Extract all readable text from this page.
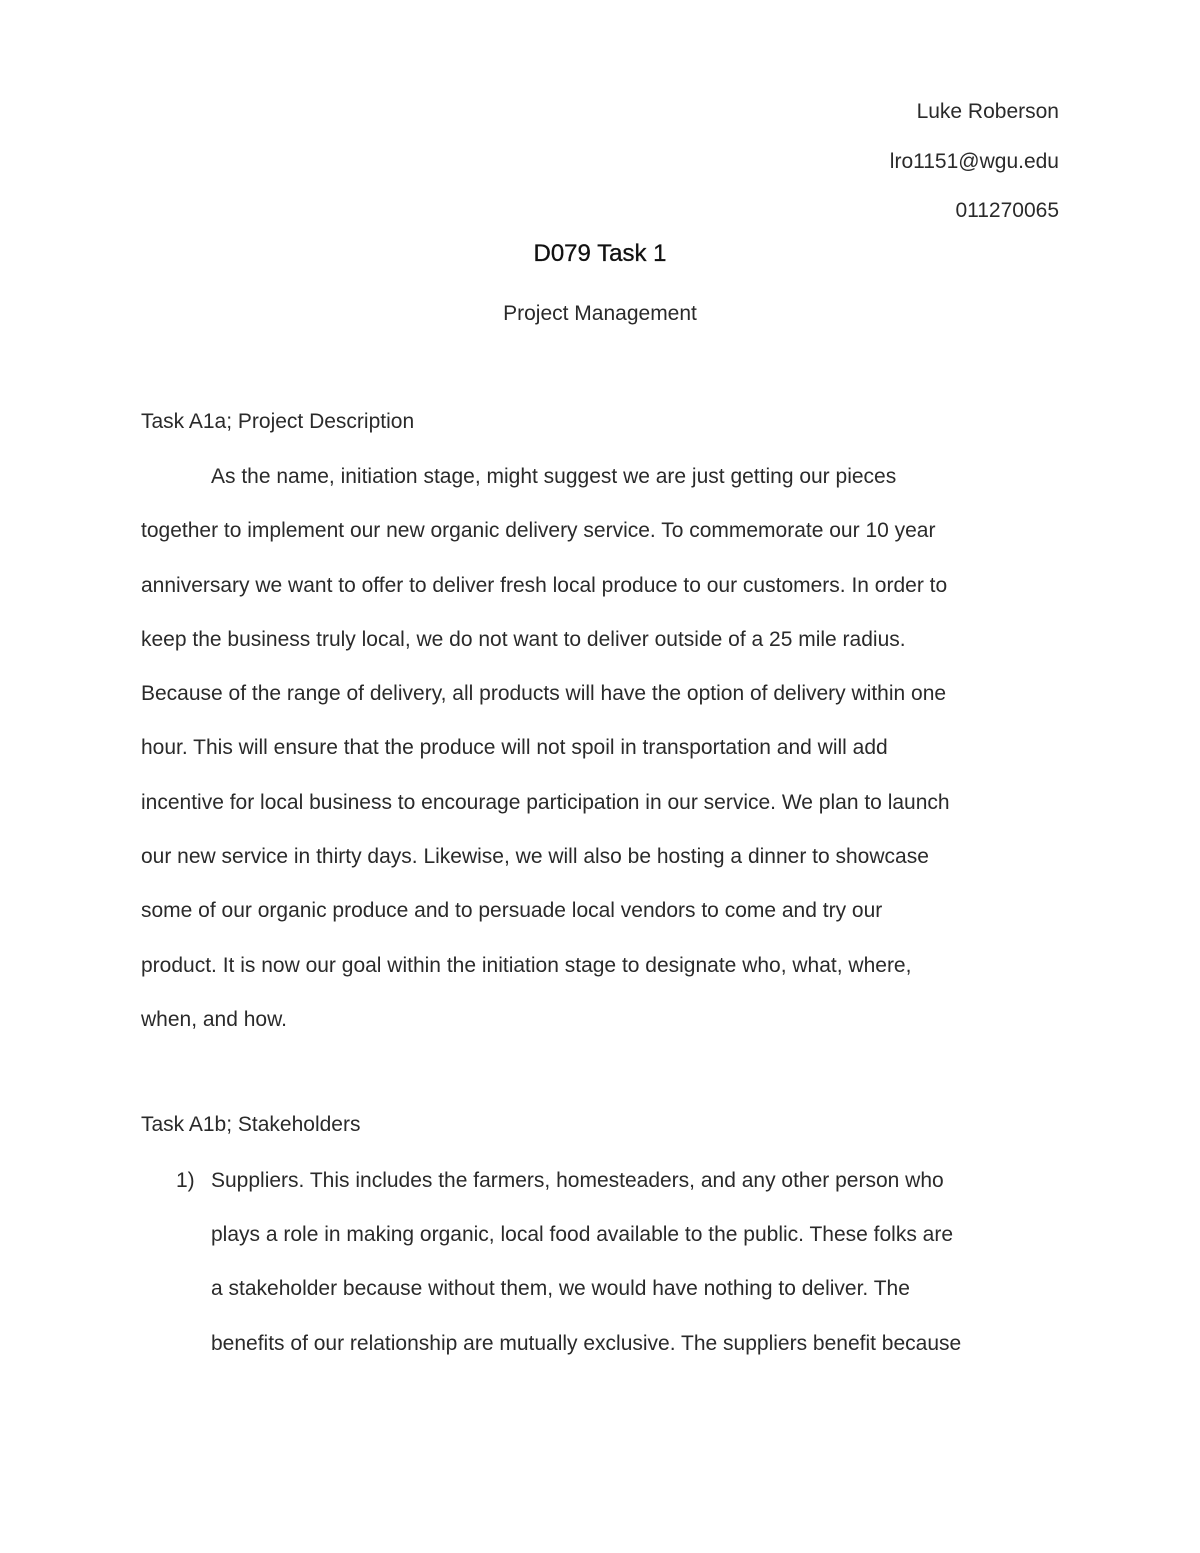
Luke Roberson
lro1151@wgu.edu
011270065
D079 Task 1
Project Management
Task A1a; Project Description
As the name, initiation stage, might suggest we are just getting our pieces
together to implement our new organic delivery service. To commemorate our 10 year
anniversary we want to offer to deliver fresh local produce to our customers. In order to
keep the business truly local, we do not want to deliver outside of a 25 mile radius.
Because of the range of delivery, all products will have the option of delivery within one
hour. This will ensure that the produce will not spoil in transportation and will add
incentive for local business to encourage participation in our service. We plan to launch
our new service in thirty days. Likewise, we will also be hosting a dinner to showcase
some of our organic produce and to persuade local vendors to come and try our
product. It is now our goal within the initiation stage to designate who, what, where,
when, and how.
Task A1b; Stakeholders
1) Suppliers. This includes the farmers, homesteaders, and any other person who
plays a role in making organic, local food available to the public. These folks are
a stakeholder because without them, we would have nothing to deliver. The
benefits of our relationship are mutually exclusive. The suppliers benefit because
